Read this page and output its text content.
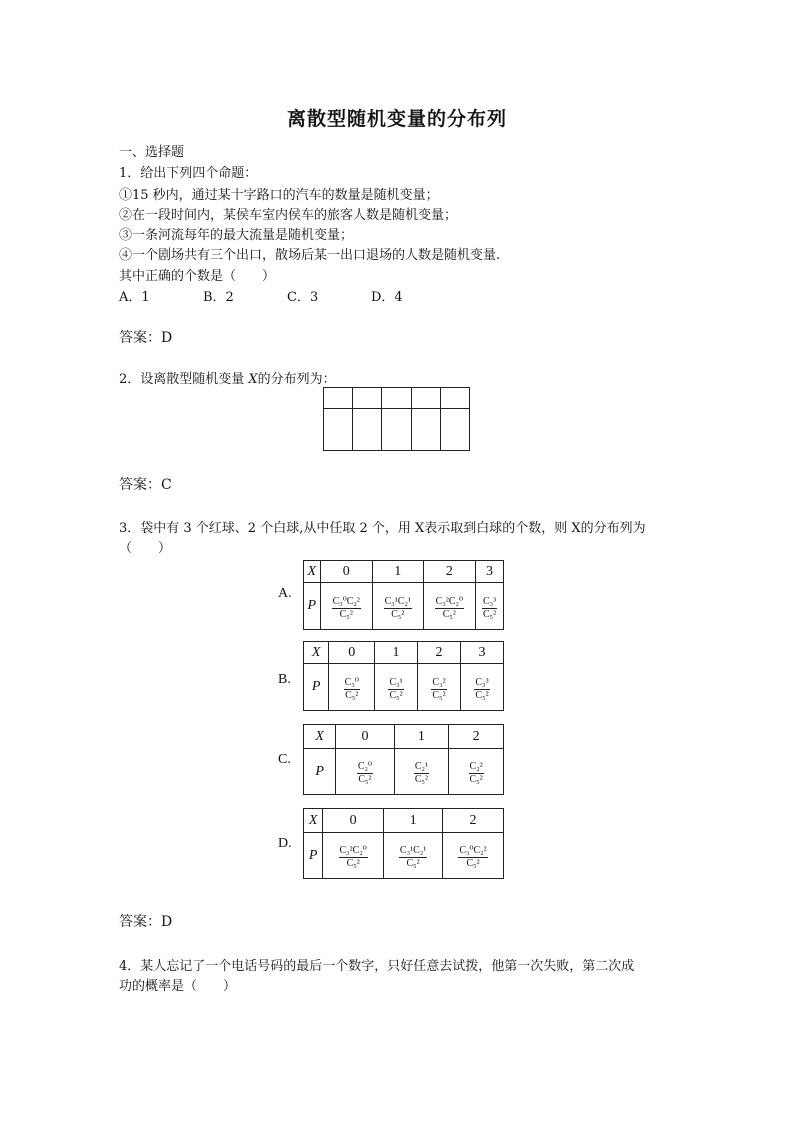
离散型随机变量的分布列
一、选择题
1．给出下列四个命题：
①15 秒内，通过某十字路口的汽车的数量是随机变量；
②在一段时间内，某侯车室内侯车的旅客人数是随机变量；
③一条河流每年的最大流量是随机变量；
④一个剧场共有三个出口，散场后某一出口退场的人数是随机变量.
其中正确的个数是（　　）
A．1	B．2	C．3	D．4
答案：D
2．设离散型随机变量 X的分布列为：

答案：C
3．袋中有 3 个红球、2 个白球,从中任取 2 个，用 X表示取到白球的个数，则 X的分布列为
（　　）
A.
X	0	1	2	3
P	$\frac{\text{C₃⁰C₂²}}{\text{C₅²}}$	$\frac{\text{C₃¹C₂¹}}{\text{C₅²}}$	$\frac{\text{C₃²C₂⁰}}{\text{C₅²}}$	$\frac{\text{C₃³}}{\text{C₅²}}$
B.
X	0	1	2	3
P	$\frac{\text{C₃⁰}}{\text{C₅²}}$	$\frac{\text{C₃¹}}{\text{C₅²}}$	$\frac{\text{C₃²}}{\text{C₅²}}$	$\frac{\text{C₃³}}{\text{C₅²}}$
C.
X	0	1	2
P	$\frac{\text{C₂⁰}}{\text{C₅²}}$	$\frac{\text{C₂¹}}{\text{C₅²}}$	$\frac{\text{C₂²}}{\text{C₅²}}$
D.
X	0	1	2
P	$\frac{\text{C₃²C₂⁰}}{\text{C₅²}}$	$\frac{\text{C₃¹C₂¹}}{\text{C₅²}}$	$\frac{\text{C₃⁰C₂²}}{\text{C₅²}}$
答案：D
4．某人忘记了一个电话号码的最后一个数字，只好任意去试拨，他第一次失败，第二次成
功的概率是（　　）
